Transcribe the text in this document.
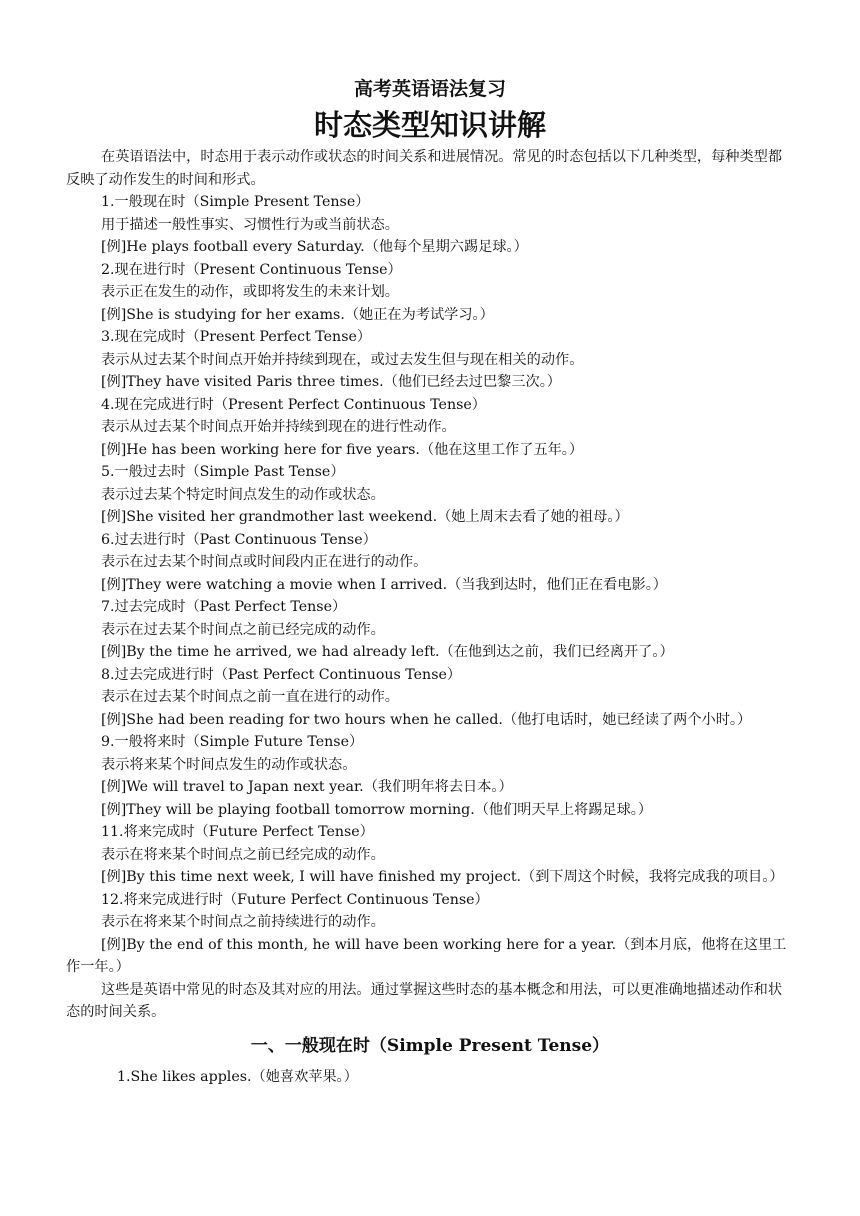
高考英语语法复习
时态类型知识讲解

在英语语法中，时态用于表示动作或状态的时间关系和进展情况。常见的时态包括以下几种类型，每种类型都反映了动作发生的时间和形式。

1.一般现在时（Simple Present Tense）

用于描述一般性事实、习惯性行为或当前状态。

[例]He plays football every Saturday.（他每个星期六踢足球。）

2.现在进行时（Present Continuous Tense）

表示正在发生的动作，或即将发生的未来计划。

[例]She is studying for her exams.（她正在为考试学习。）

3.现在完成时（Present Perfect Tense）

表示从过去某个时间点开始并持续到现在，或过去发生但与现在相关的动作。

[例]They have visited Paris three times.（他们已经去过巴黎三次。）

4.现在完成进行时（Present Perfect Continuous Tense）

表示从过去某个时间点开始并持续到现在的进行性动作。

[例]He has been working here for five years.（他在这里工作了五年。）

5.一般过去时（Simple Past Tense）

表示过去某个特定时间点发生的动作或状态。

[例]She visited her grandmother last weekend.（她上周末去看了她的祖母。）

6.过去进行时（Past Continuous Tense）

表示在过去某个时间点或时间段内正在进行的动作。

[例]They were watching a movie when I arrived.（当我到达时，他们正在看电影。）

7.过去完成时（Past Perfect Tense）

表示在过去某个时间点之前已经完成的动作。

[例]By the time he arrived, we had already left.（在他到达之前，我们已经离开了。）

8.过去完成进行时（Past Perfect Continuous Tense）

表示在过去某个时间点之前一直在进行的动作。

[例]She had been reading for two hours when he called.（他打电话时，她已经读了两个小时。）

9.一般将来时（Simple Future Tense）

表示将来某个时间点发生的动作或状态。

[例]We will travel to Japan next year.（我们明年将去日本。）

[例]They will be playing football tomorrow morning.（他们明天早上将踢足球。）

11.将来完成时（Future Perfect Tense）

表示在将来某个时间点之前已经完成的动作。

[例]By this time next week, I will have finished my project.（到下周这个时候，我将完成我的项目。）

12.将来完成进行时（Future Perfect Continuous Tense）

表示在将来某个时间点之前持续进行的动作。

[例]By the end of this month, he will have been working here for a year.（到本月底，他将在这里工作一年。）

这些是英语中常见的时态及其对应的用法。通过掌握这些时态的基本概念和用法，可以更准确地描述动作和状态的时间关系。

一、一般现在时（Simple Present Tense）
1.She likes apples.（她喜欢苹果。）
